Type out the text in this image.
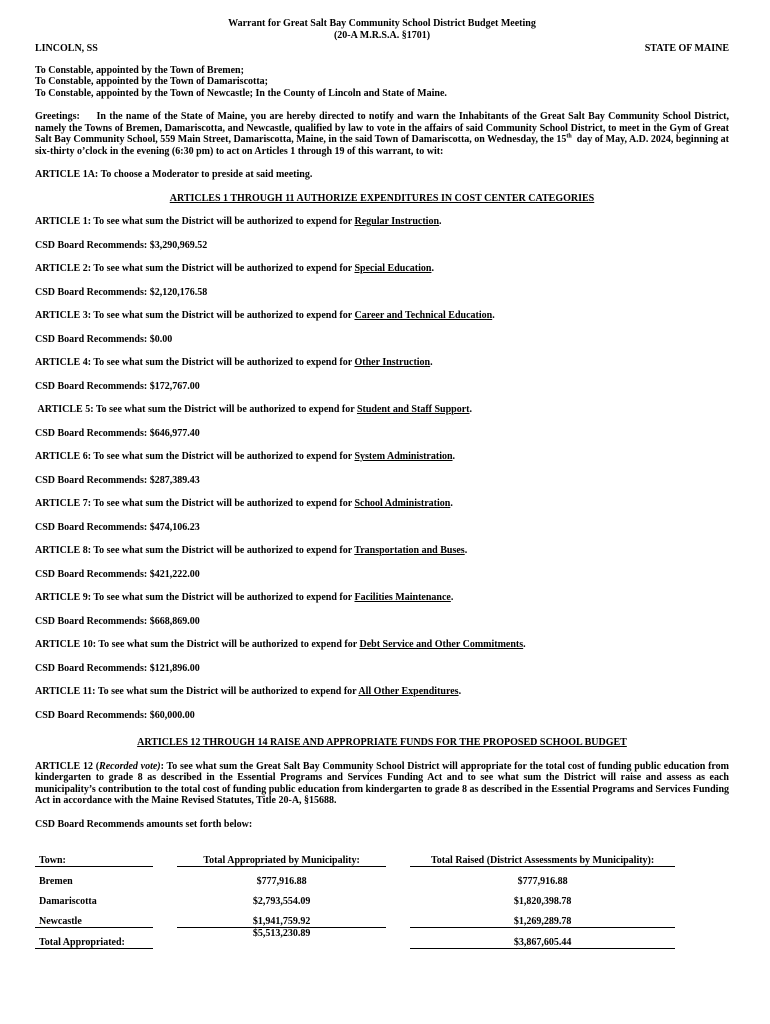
Warrant for Great Salt Bay Community School District Budget Meeting

(20-A M.R.S.A. §1701)

LINCOLN, SS	STATE OF MAINE

To Constable, appointed by the Town of Bremen;

To Constable, appointed by the Town of Damariscotta;

To Constable, appointed by the Town of Newcastle; In the County of Lincoln and State of Maine.

Greetings:     In the name of the State of Maine, you are hereby directed to notify and warn the Inhabitants of the Great Salt Bay Community School District, namely the Towns of Bremen, Damariscotta, and Newcastle, qualified by law to vote in the affairs of said Community School District, to meet in the Gym of Great Salt Bay Community School, 559 Main Street, Damariscotta, Maine, in the said Town of Damariscotta, on Wednesday, the 15th  day of May, A.D. 2024, beginning at six-thirty o’clock in the evening (6:30 pm) to act on Articles 1 through 19 of this warrant, to wit:

ARTICLE 1A: To choose a Moderator to preside at said meeting.

ARTICLES 1 THROUGH 11 AUTHORIZE EXPENDITURES IN COST CENTER CATEGORIES

ARTICLE 1: To see what sum the District will be authorized to expend for Regular Instruction.

CSD Board Recommends: $3,290,969.52

ARTICLE 2: To see what sum the District will be authorized to expend for Special Education.

CSD Board Recommends: $2,120,176.58

ARTICLE 3: To see what sum the District will be authorized to expend for Career and Technical Education.

CSD Board Recommends: $0.00

ARTICLE 4: To see what sum the District will be authorized to expend for Other Instruction.

CSD Board Recommends: $172,767.00

ARTICLE 5: To see what sum the District will be authorized to expend for Student and Staff Support.

CSD Board Recommends: $646,977.40

ARTICLE 6: To see what sum the District will be authorized to expend for System Administration.

CSD Board Recommends: $287,389.43

ARTICLE 7: To see what sum the District will be authorized to expend for School Administration.

CSD Board Recommends: $474,106.23

ARTICLE 8: To see what sum the District will be authorized to expend for Transportation and Buses.

CSD Board Recommends: $421,222.00

ARTICLE 9: To see what sum the District will be authorized to expend for Facilities Maintenance.

CSD Board Recommends: $668,869.00

ARTICLE 10: To see what sum the District will be authorized to expend for Debt Service and Other Commitments.

CSD Board Recommends: $121,896.00

ARTICLE 11: To see what sum the District will be authorized to expend for All Other Expenditures.

CSD Board Recommends: $60,000.00

ARTICLES 12 THROUGH 14 RAISE AND APPROPRIATE FUNDS FOR THE PROPOSED SCHOOL BUDGET

ARTICLE 12 (Recorded vote): To see what sum the Great Salt Bay Community School District will appropriate for the total cost of funding public education from kindergarten to grade 8 as described in the Essential Programs and Services Funding Act and to see what sum the District will raise and assess as each municipality’s contribution to the total cost of funding public education from kindergarten to grade 8 as described in the Essential Programs and Services Funding Act in accordance with the Maine Revised Statutes, Title 20-A, §15688.

CSD Board Recommends amounts set forth below:

Town:		Total Appropriated by Municipality:		Total Raised (District Assessments by Municipality):
Bremen		$777,916.88		$777,916.88
Damariscotta		$2,793,554.09		$1,820,398.78
Newcastle		$1,941,759.92		$1,269,289.78
Total Appropriated:		$5,513,230.89		$3,867,605.44
